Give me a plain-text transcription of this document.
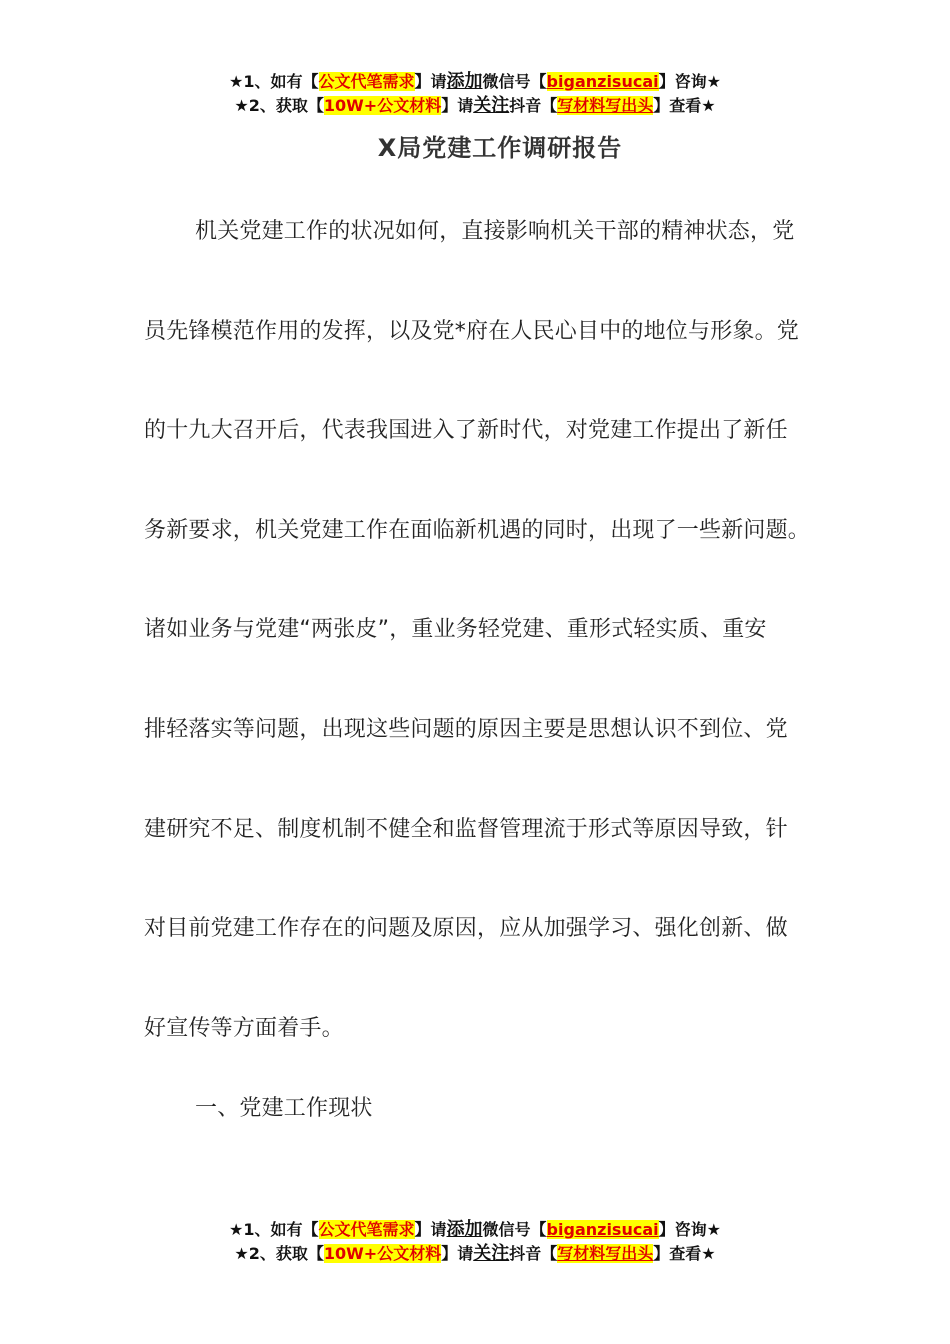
★1、如有【公文代笔需求】请添加微信号【biganzisucai】咨询★
★2、获取【10W+公文材料】请关注抖音【写材料写出头】查看★
X局党建工作调研报告
机关党建工作的状况如何，直接影响机关干部的精神状态，党
员先锋模范作用的发挥，以及党*府在人民心目中的地位与形象。党
的十九大召开后，代表我国进入了新时代，对党建工作提出了新任
务新要求，机关党建工作在面临新机遇的同时，出现了一些新问题。
诸如业务与党建“两张皮”，重业务轻党建、重形式轻实质、重安
排轻落实等问题，出现这些问题的原因主要是思想认识不到位、党
建研究不足、制度机制不健全和监督管理流于形式等原因导致，针
对目前党建工作存在的问题及原因，应从加强学习、强化创新、做
好宣传等方面着手。
一、党建工作现状
★1、如有【公文代笔需求】请添加微信号【biganzisucai】咨询★
★2、获取【10W+公文材料】请关注抖音【写材料写出头】查看★
